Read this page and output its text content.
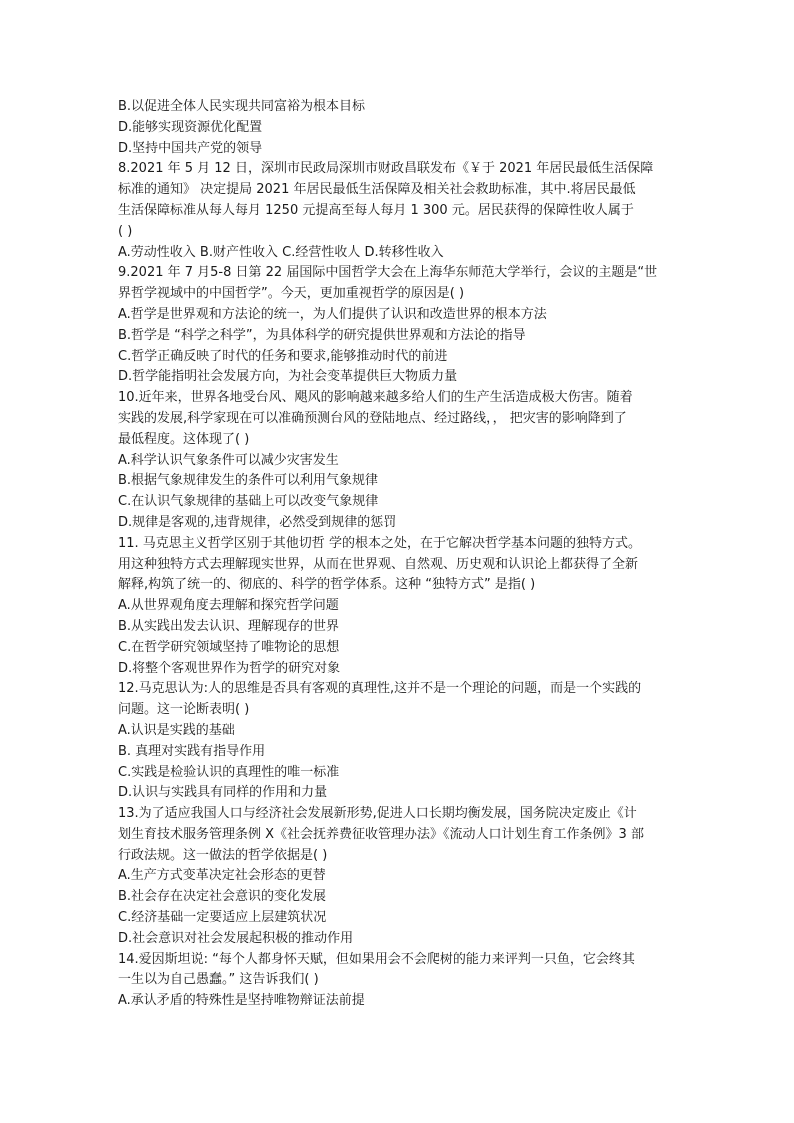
B.以促进全体人民实现共同富裕为根本目标
D.能够实现资源优化配置
D.坚持中国共产党的领导
8.2021 年 5 月 12 日，深圳市民政局深圳市财政昌联发布《￥于 2021 年居民最低生活保障
标准的通知》 决定提局 2021 年居民最低生活保障及相关社会救助标准，其中.将居民最低
生活保障标准从每人每月 1250 元提高至每人每月 1 300 元。居民获得的保障性收人属于
( )
A.劳动性收入 B.财产性收入 C.经营性收人 D.转移性收入
9.2021 年 7 月5-8 日第 22 届国际中国哲学大会在上海华东师范大学举行，会议的主题是“世
界哲学视域中的中国哲学”。今天，更加重视哲学的原因是( )
A.哲学是世界观和方法论的统一，为人们提供了认识和改造世界的根本方法
B.哲学是 “科学之科学”，为具体科学的研究提供世界观和方法论的指导
C.哲学正确反映了时代的任务和要求,能够推动时代的前进
D.哲学能指明社会发展方向，为社会变革提供巨大物质力量
10.近年来，世界各地受台风、飓风的影响越来越多给人们的生产生活造成极大伤害。随着
实践的发展,科学家现在可以准确预测台风的登陆地点、经过路线，， 把灾害的影响降到了
最低程度。这体现了( )
A.科学认识气象条件可以减少灾害发生
B.根据气象规律发生的条件可以利用气象规律
C.在认识气象规律的基础上可以改变气象规律
D.规律是客观的,违背规律，必然受到规律的惩罚
11. 马克思主义哲学区别于其他切哲 学的根本之处，在于它解决哲学基本问题的独特方式。
用这种独特方式去理解现实世界，从而在世界观、自然观、历史观和认识论上都获得了全新
解释,构筑了统一的、彻底的、科学的哲学体系。这种 “独特方式” 是指( )
A.从世界观角度去理解和探究哲学问题
B.从实践出发去认识、理解现存的世界
C.在哲学研究领域坚持了唯物论的思想
D.将整个客观世界作为哲学的研究对象
12.马克思认为:人的思维是否具有客观的真理性,这并不是一个理论的问题，而是一个实践的
问题。这一论断表明( )
A.认识是实践的基础
B. 真理对实践有指导作用
C.实践是检验认识的真理性的唯一标准
D.认识与实践具有同样的作用和力量
13.为了适应我国人口与经济社会发展新形势,促进人口长期均衡发展，国务院决定废止《计
划生育技术服务管理条例 X《社会抚养费征收管理办法》《流动人口计划生育工作条例》3 部
行政法规。这一做法的哲学依据是( )
A.生产方式变革决定社会形态的更替
B.社会存在决定社会意识的变化发展
C.经济基础一定要适应上层建筑状况
D.社会意识对社会发展起积极的推动作用
14.爱因斯坦说: “每个人都身怀天赋，但如果用会不会爬树的能力来评判一只鱼，它会终其
一生以为自己愚蠢。” 这告诉我们( )
A.承认矛盾的特殊性是坚持唯物辩证法前提
